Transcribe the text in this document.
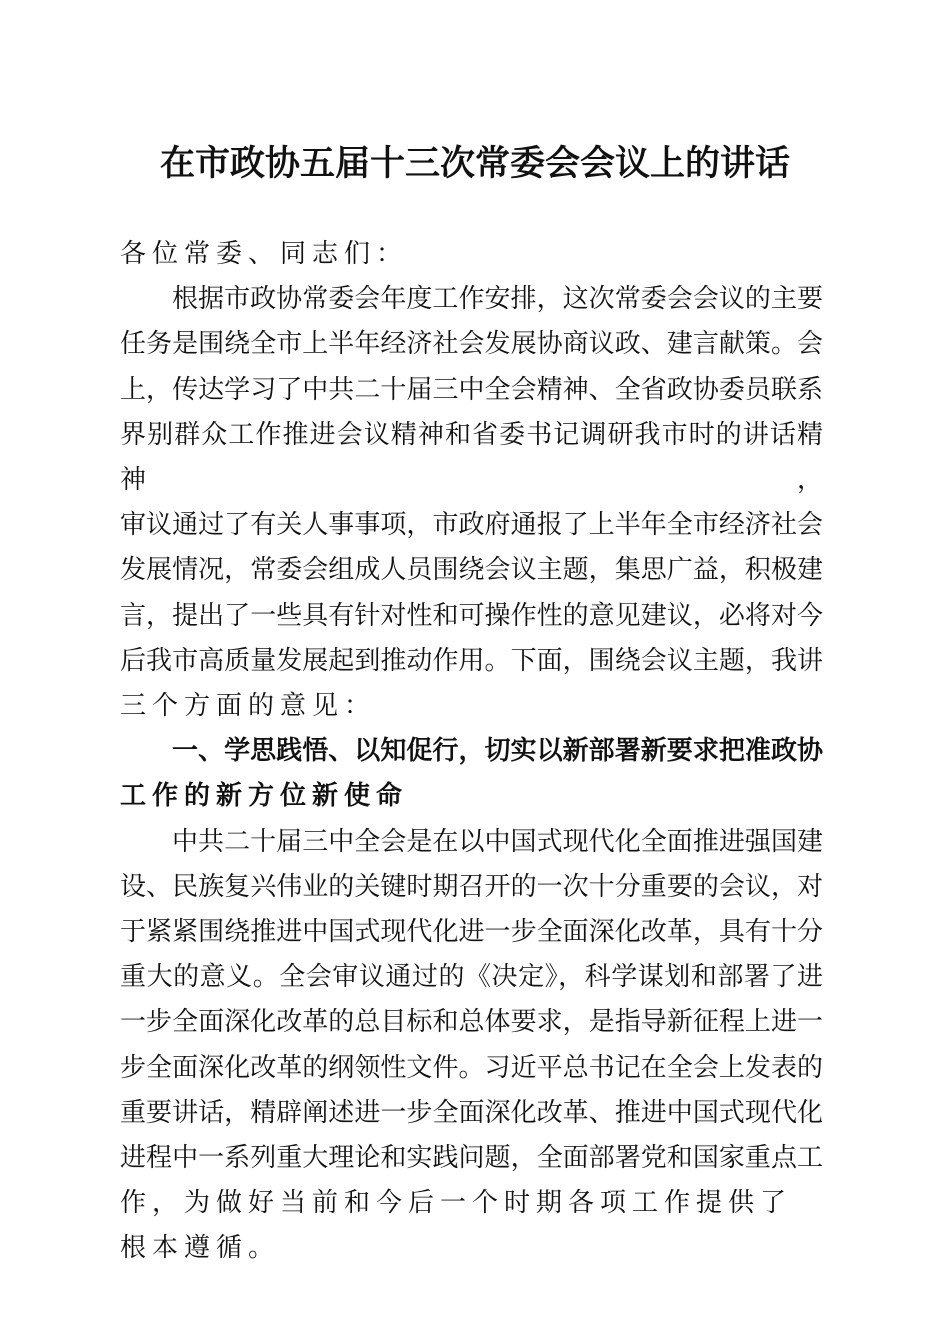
在市政协五届十三次常委会会议上的讲话
各位常委、同志们：
根据市政协常委会年度工作安排，这次常委会会议的主要
任务是围绕全市上半年经济社会发展协商议政、建言献策。会
上，传达学习了中共二十届三中全会精神、全省政协委员联系
界别群众工作推进会议精神和省委书记调研我市时的讲话精神，
审议通过了有关人事事项，市政府通报了上半年全市经济社会
发展情况，常委会组成人员围绕会议主题，集思广益，积极建
言，提出了一些具有针对性和可操作性的意见建议，必将对今
后我市高质量发展起到推动作用。下面，围绕会议主题，我讲
三个方面的意见：
一、学思践悟、以知促行，切实以新部署新要求把准政协
工作的新方位新使命
中共二十届三中全会是在以中国式现代化全面推进强国建
设、民族复兴伟业的关键时期召开的一次十分重要的会议，对
于紧紧围绕推进中国式现代化进一步全面深化改革，具有十分
重大的意义。全会审议通过的《决定》，科学谋划和部署了进
一步全面深化改革的总目标和总体要求，是指导新征程上进一
步全面深化改革的纲领性文件。习近平总书记在全会上发表的
重要讲话，精辟阐述进一步全面深化改革、推进中国式现代化
进程中一系列重大理论和实践问题，全面部署党和国家重点工
作，为做好当前和今后一个时期各项工作提供了根本遵循。
